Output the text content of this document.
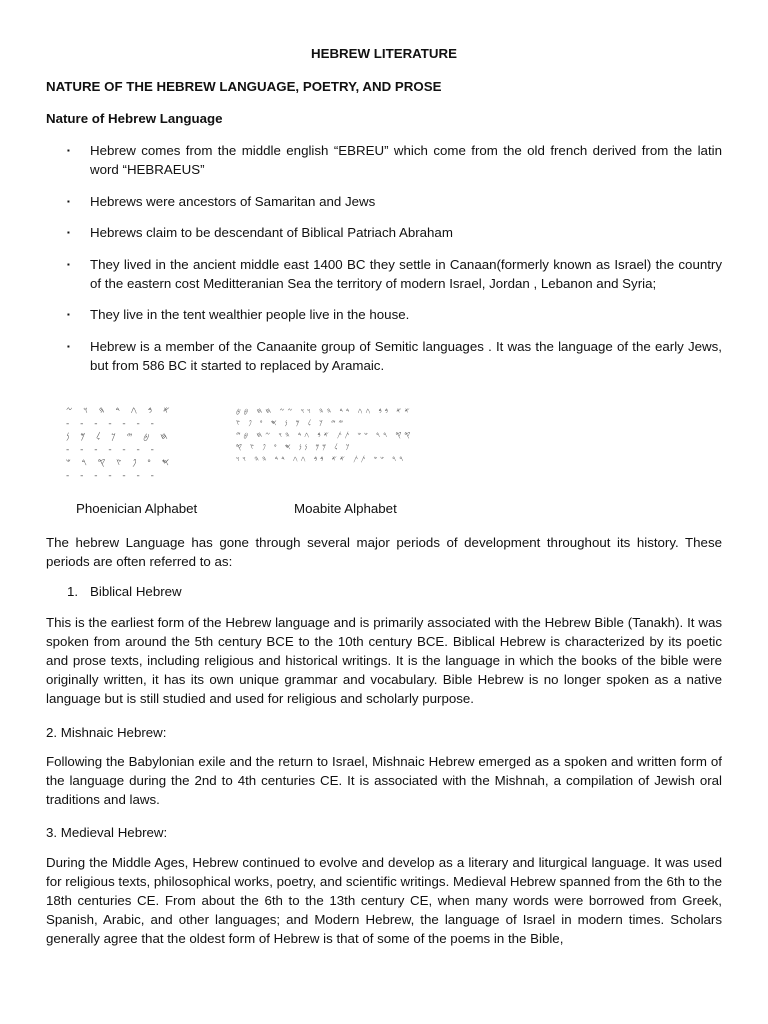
HEBREW LITERATURE
NATURE OF THE HEBREW LANGUAGE, POETRY, AND PROSE
Nature of Hebrew Language
▪ Hebrew comes from the middle english “EBREU” which come from the old french derived from the latin word “HEBRAEUS”
▪ Hebrews were ancestors of Samaritan and Jews
▪ Hebrews claim to be descendant of Biblical Patriach Abraham
▪ They lived in the ancient middle east 1400 BC they settle in Canaan(formerly known as Israel) the country of the eastern cost Meditteranian Sea the territory of modern Israel, Jordan , Lebanon and Syria;
▪ They live in the tent wealthier people live in the house.
▪ Hebrew is a member of the Canaanite group of Semitic languages . It was the language of the early Jews, but from 586 BC it started to replaced by Aramaic.
𐤀 𐤁 𐤂 𐤃 𐤄 𐤅 𐤆
- - - - - - -
𐤇 𐤈 𐤉 𐤊 𐤋 𐤌 𐤍
- - - - - - -
𐤎 𐤏 𐤐 𐤑 𐤒 𐤓 𐤔
- - - - - - -
𐤀𐤀 𐤁𐤁 𐤂𐤂 𐤃𐤃 𐤄𐤄 𐤅𐤅 𐤆𐤆 𐤇𐤇 𐤈𐤈
𐤉𐤉 𐤊 𐤋 𐤌 𐤍 𐤎 𐤏 𐤐 𐤑
𐤒𐤒 𐤓𐤓 𐤔𐤔 𐤕𐤕 𐤀𐤁 𐤂𐤃 𐤄𐤅 𐤆𐤇 𐤈𐤉
𐤊 𐤋 𐤌𐤌 𐤍𐤍 𐤎 𐤏 𐤐 𐤑 𐤒
𐤓𐤓 𐤔𐤔 𐤕𐤕 𐤀𐤀 𐤁𐤁 𐤂𐤂 𐤃𐤃 𐤄𐤄 𐤅𐤅
Phoenician Alphabet	Moabite Alphabet
The hebrew Language has gone through several major periods of development throughout its history. These periods are often referred to as:
1. Biblical Hebrew
This is the earliest form of the Hebrew language and is primarily associated with the Hebrew Bible (Tanakh). It was spoken from around the 5th century BCE to the 10th century BCE. Biblical Hebrew is characterized by its poetic and prose texts, including religious and historical writings. It is the language in which the books of the bible were originally written, it has its own unique grammar and vocabulary. Bible Hebrew is no longer spoken as a native language but is still studied and used for religious and scholarly purpose.
2. Mishnaic Hebrew:
Following the Babylonian exile and the return to Israel, Mishnaic Hebrew emerged as a spoken and written form of the language during the 2nd to 4th centuries CE. It is associated with the Mishnah, a compilation of Jewish oral traditions and laws.
3. Medieval Hebrew:
During the Middle Ages, Hebrew continued to evolve and develop as a literary and liturgical language. It was used for religious texts, philosophical works, poetry, and scientific writings. Medieval Hebrew spanned from the 6th to the 18th centuries CE. From about the 6th to the 13th century CE, when many words were borrowed from Greek, Spanish, Arabic, and other languages; and Modern Hebrew, the language of Israel in modern times. Scholars generally agree that the oldest form of Hebrew is that of some of the poems in the Bible,
